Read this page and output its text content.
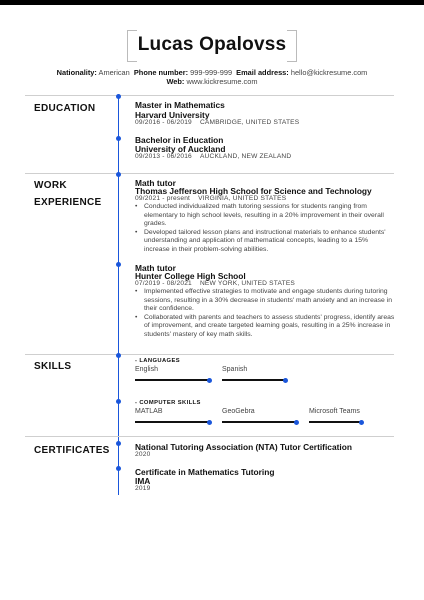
Lucas Opalovss
Nationality: American Phone number: 999-999-999 Email address: hello@kickresume.com
Web: www.kickresume.com
EDUCATION	Master in Mathematics
Harvard University
09/2016 - 06/2019 CAMBRIDGE, UNITED STATES
Bachelor in Education
University of Auckland
09/2013 - 06/2016 AUCKLAND, NEW ZEALAND
WORK
EXPERIENCE
Math tutor
Thomas Jefferson High School for Science and Technology
09/2021 - present VIRGINIA, UNITED STATES
• Conducted individualized math tutoring sessions for students ranging from elementary to high school levels, resulting in a 20% improvement in their overall grades.
• Developed tailored lesson plans and instructional materials to enhance students' understanding and application of mathematical concepts, leading to a 15% increase in their problem-solving abilities.
Math tutor
Hunter College High School
07/2019 - 08/2021 NEW YORK, UNITED STATES
• Implemented effective strategies to motivate and engage students during tutoring sessions, resulting in a 30% decrease in students' math anxiety and an increase in their confidence.
• Collaborated with parents and teachers to assess students' progress, identify areas of improvement, and create targeted learning goals, resulting in a 25% increase in students' mastery of key math skills.
SKILLS	- LANGUAGES
English	Spanish
- COMPUTER SKILLS
MATLAB	GeoGebra	Microsoft Teams
CERTIFICATES	National Tutoring Association (NTA) Tutor Certification
2020
Certificate in Mathematics Tutoring
IMA
2019
